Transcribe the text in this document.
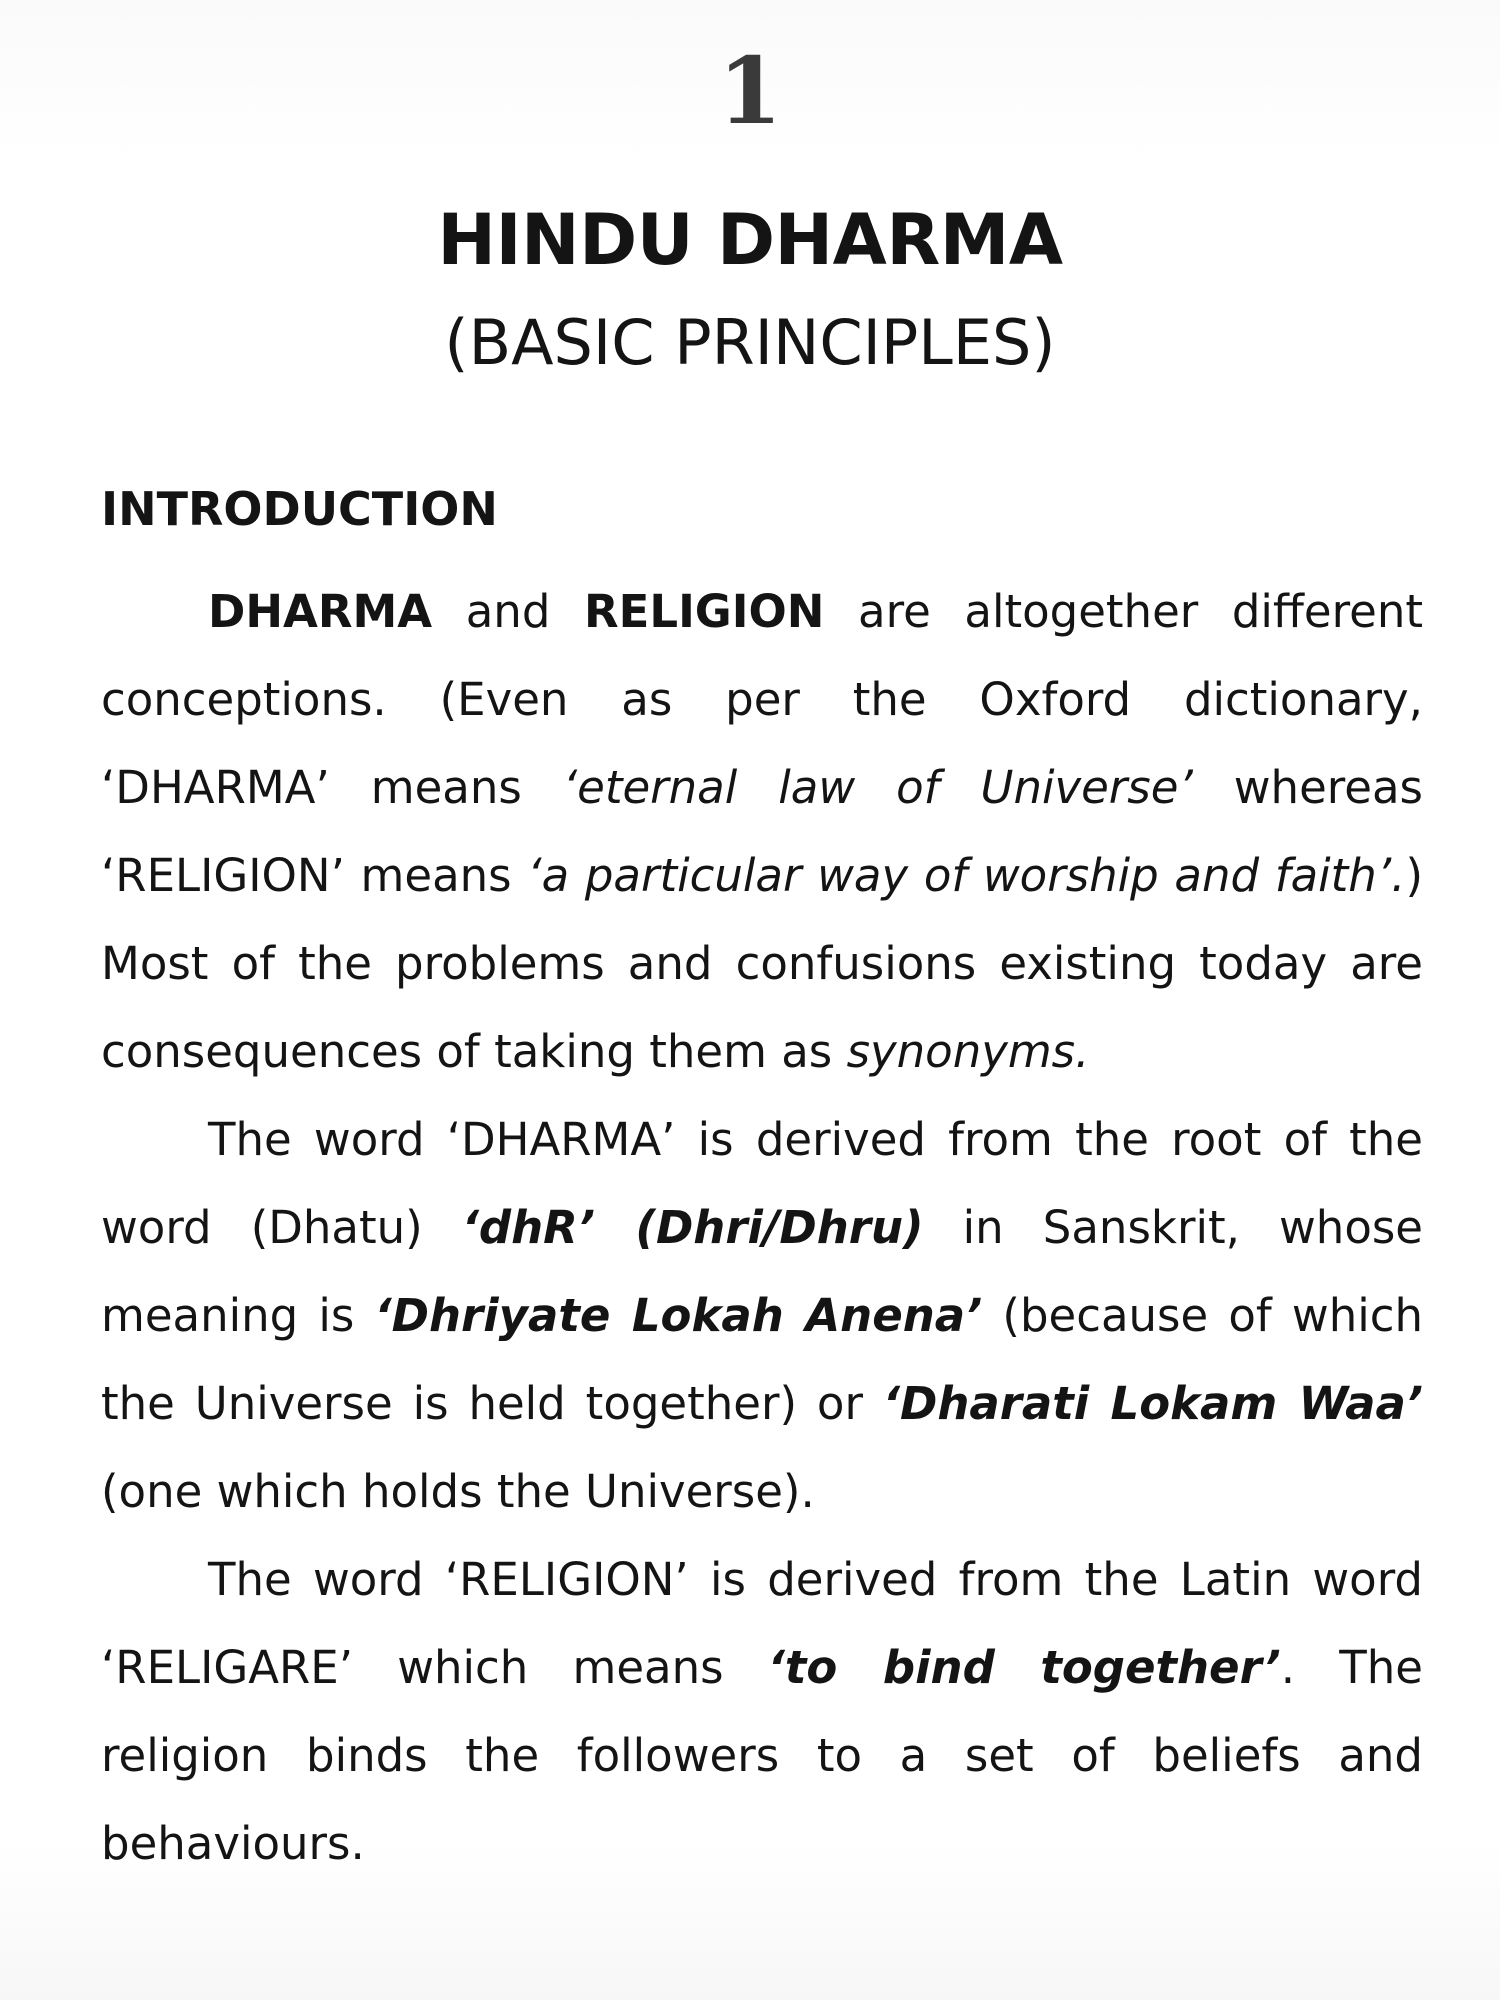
1
HINDU DHARMA
(BASIC PRINCIPLES)
INTRODUCTION

DHARMA and RELIGION are altogether different conceptions. (Even as per the Oxford dictionary, ‘DHARMA’ means ‘eternal law of Universe’ whereas ‘RELIGION’ means ‘a particular way of worship and faith’.) Most of the problems and confusions existing today are consequences of taking them as synonyms.

The word ‘DHARMA’ is derived from the root of the word (Dhatu) ‘dhR’ (Dhri/Dhru) in Sanskrit, whose meaning is ‘Dhriyate Lokah Anena’ (because of which the Universe is held together) or ‘Dharati Lokam Waa’ (one which holds the Universe).

The word ‘RELIGION’ is derived from the Latin word ‘RELIGARE’ which means ‘to bind together’. The religion binds the followers to a set of beliefs and behaviours.
